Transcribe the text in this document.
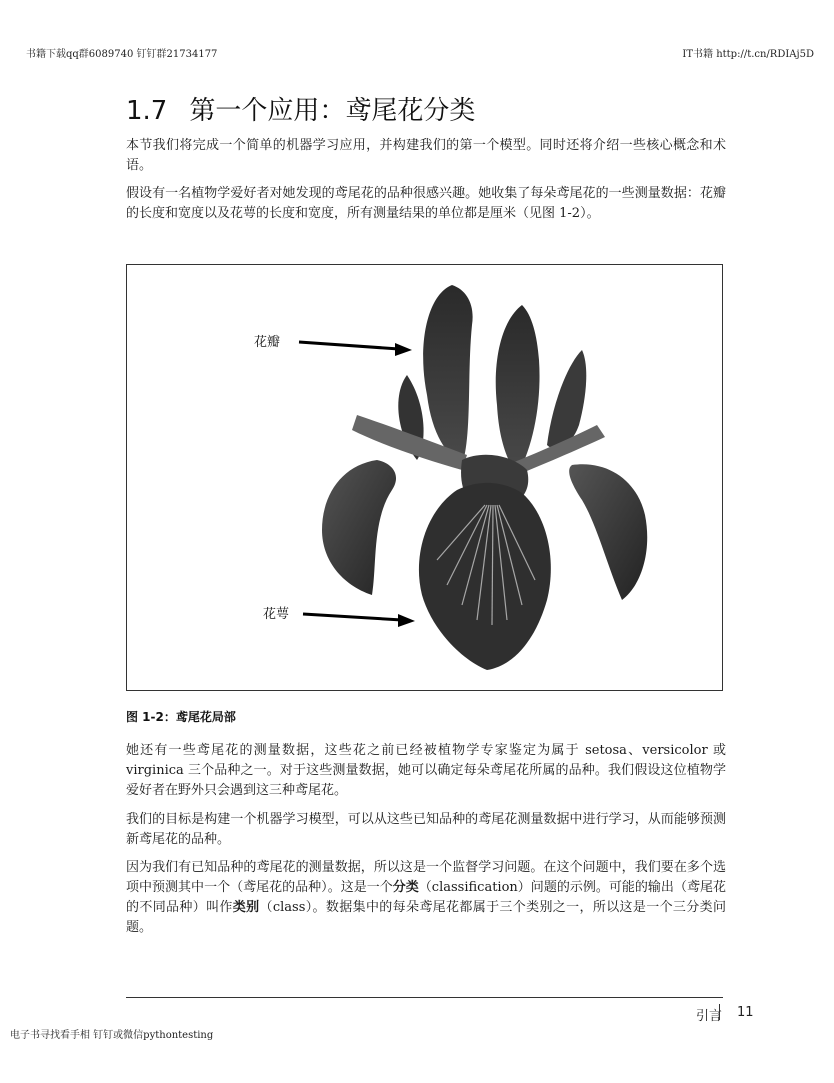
书籍下载qq群6089740 钉钉群21734177	IT书籍 http://t.cn/RDIAj5D
1.7 第一个应用：鸢尾花分类

本节我们将完成一个简单的机器学习应用，并构建我们的第一个模型。同时还将介绍一些核心概念和术语。

假设有一名植物学爱好者对她发现的鸢尾花的品种很感兴趣。她收集了每朵鸢尾花的一些测量数据：花瓣的长度和宽度以及花萼的长度和宽度，所有测量结果的单位都是厘米（见图 1-2）。

花瓣
花萼

图 1-2：鸢尾花局部

她还有一些鸢尾花的测量数据，这些花之前已经被植物学专家鉴定为属于 setosa、versicolor 或 virginica 三个品种之一。对于这些测量数据，她可以确定每朵鸢尾花所属的品种。我们假设这位植物学爱好者在野外只会遇到这三种鸢尾花。

我们的目标是构建一个机器学习模型，可以从这些已知品种的鸢尾花测量数据中进行学习，从而能够预测新鸢尾花的品种。

因为我们有已知品种的鸢尾花的测量数据，所以这是一个监督学习问题。在这个问题中，我们要在多个选项中预测其中一个（鸢尾花的品种）。这是一个分类（classification）问题的示例。可能的输出（鸢尾花的不同品种）叫作类别（class）。数据集中的每朵鸢尾花都属于三个类别之一，所以这是一个三分类问题。

引言 11
电子书寻找看手相 钉钉或微信pythontesting
